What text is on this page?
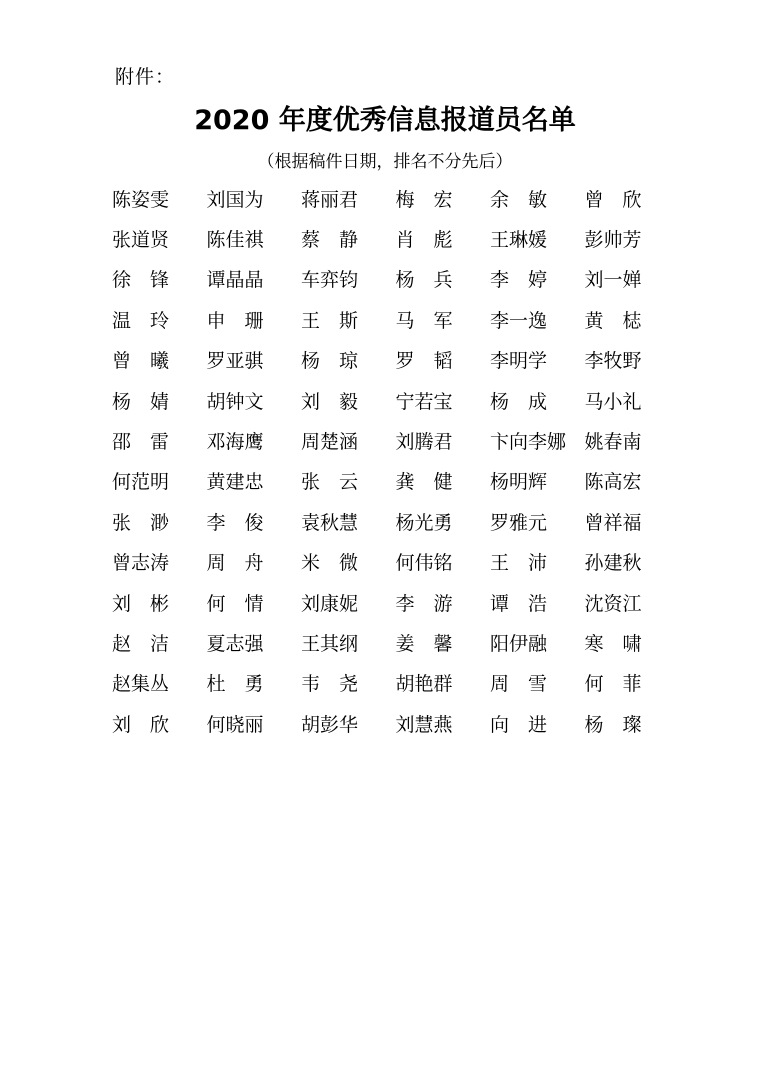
附件：
2020 年度优秀信息报道员名单
（根据稿件日期，排名不分先后）
陈姿雯	刘国为	蒋丽君	梅宏 余敏 曾欣
张道贤	陈佳祺	蔡静 肖彪 王琳媛	彭帅芳
徐锋 谭晶晶	车弈钧	杨兵 李婷 刘一婵
温玲 申珊 王斯 马军 李一逸	黄梽
曾曦 罗亚骐	杨琼 罗韬 李明学	李牧野
杨婧 胡钟文	刘毅 宁若宝	杨成 马小礼
邵雷 邓海鹰	周楚涵	刘腾君	卞向李娜 姚春南
何范明	黄建忠	张云 龚健 杨明辉	陈高宏
张渺 李俊 袁秋慧	杨光勇	罗雅元	曾祥福
曾志涛	周舟 米微 何伟铭	王沛 孙建秋
刘彬 何情 刘康妮	李游 谭浩 沈资江
赵洁 夏志强	王其纲	姜馨 阳伊融	寒啸
赵集丛	杜勇 韦尧 胡艳群	周雪 何菲
刘欣 何晓丽	胡彭华	刘慧燕	向进 杨璨
